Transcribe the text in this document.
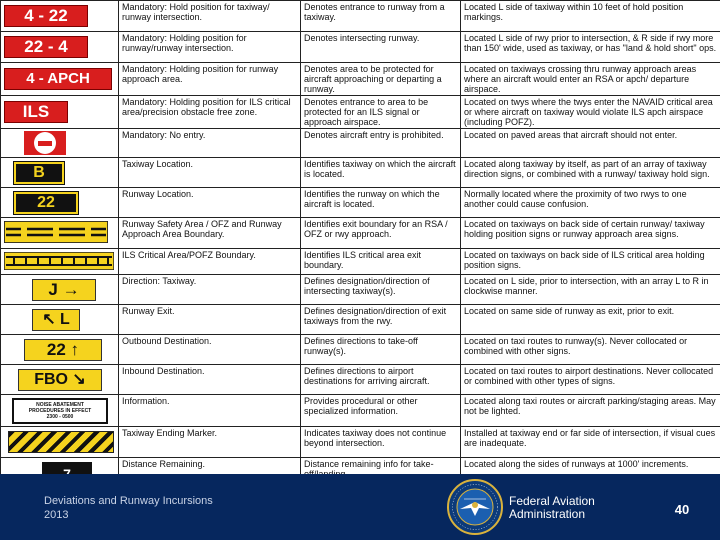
4 - 22	Mandatory: Hold position for taxiway/ runway intersection.	Denotes entrance to runway from a taxiway.	Located L side of taxiway within 10 feet of hold position markings.

22 - 4	Mandatory: Holding position for runway/runway intersection.	Denotes intersecting runway.	Located L side of rwy prior to intersection, & R side if rwy more than 150' wide, used as taxiway, or has "land & hold short" ops.

4 - APCH	Mandatory: Holding position for runway approach area.	Denotes area to be protected for aircraft approaching or departing a runway.	Located on taxiways crossing thru runway approach areas where an aircraft would enter an RSA or apch/ departure airspace.

ILS	Mandatory: Holding position for ILS critical area/precision obstacle free zone.	Denotes entrance to area to be protected for an ILS signal or approach airspace.	Located on twys where the twys enter the NAVAID critical area or where aircraft on taxiway would violate ILS apch airspace (including POFZ).

	Mandatory: No entry.	Denotes aircraft entry is prohibited.	Located on paved areas that aircraft should not enter.

B	Taxiway Location.	Identifies taxiway on which the aircraft is located.	Located along taxiway by itself, as part of an array of taxiway direction signs, or combined with a runway/ taxiway hold sign.

22	Runway Location.	Identifies the runway on which the aircraft is located.	Normally located where the proximity of two rwys to one another could cause confusion.
	Runway Safety Area / OFZ and Runway Approach Area Boundary.	Identifies exit boundary for an RSA / OFZ or rwy approach.	Located on taxiways on back side of certain runway/ taxiway holding position signs or runway approach area signs.
	ILS Critical Area/POFZ Boundary.	Identifies ILS critical area exit boundary.	Located on taxiways on back side of ILS critical area holding position signs.

J →	Direction: Taxiway.	Defines designation/direction of intersecting taxiway(s).	Located on L side, prior to intersection, with an array L to R in clockwise manner.

↖ L	Runway Exit.	Defines designation/direction of exit taxiways from the rwy.	Located on same side of runway as exit, prior to exit.

22 ↑	Outbound Destination.	Defines directions to take-off runway(s).	Located on taxi routes to runway(s). Never collocated or combined with other signs.

FBO ↘	Inbound Destination.	Defines directions to airport destinations for arriving aircraft.	Located on taxi routes to airport destinations. Never collocated or combined with other types of signs.

NOISE ABATEMENT
PROCEDURES IN EFFECT
2300 - 0500	Information.	Provides procedural or other specialized information.	Located along taxi routes or aircraft parking/staging areas. May not be lighted.

	Taxiway Ending Marker.	Indicates taxiway does not continue beyond intersection.	Installed at taxiway end or far side of intersection, if visual cues are inadequate.

	Distance Remaining.	Distance remaining info for take-	Located along the sides of runways at 1000' increments.
Deviations and Runway Incursions
2013
Federal Aviation
Administration	40
